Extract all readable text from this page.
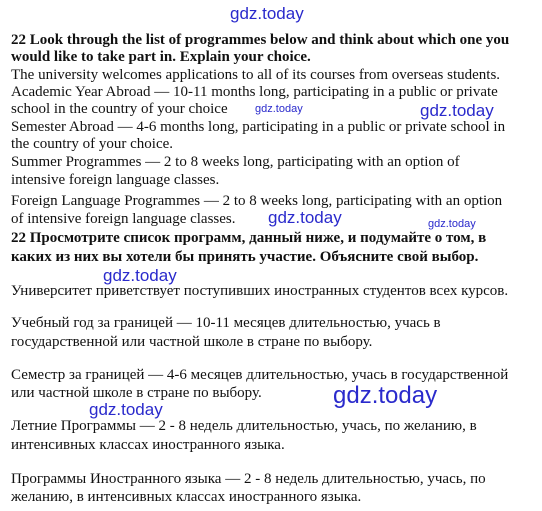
gdz.today
gdz.today	gdz.today
gdz.today	gdz.today
gdz.today
gdz.today
gdz.today
22 Look through the list of programmes below and think about which one you
would like to take part in. Explain your choice.
The university welcomes applications to all of its courses from overseas students.
Academic Year Abroad — 10-11 months long, participating in a public or private
school in the country of your choice
Semester Abroad — 4-6 months long, participating in a public or private school in
the country of your choice.
Summer Programmes — 2 to 8 weeks long, participating with an option of
intensive foreign language classes.
Foreign Language Programmes — 2 to 8 weeks long, participating with an option
of intensive foreign language classes.
22 Просмотрите список программ, данный ниже, и подумайте о том, в
каких из них вы хотели бы принять участие. Объясните свой выбор.
Университет приветствует поступивших иностранных студентов всех курсов.
Учебный год за границей — 10-11 месяцев длительностью, учась в
государственной или частной школе в стране по выбору.
Семестр за границей — 4-6 месяцев длительностью, учась в государственной
или частной школе в стране по выбору.
Летние Программы — 2 - 8 недель длительностью, учась, по желанию, в
интенсивных классах иностранного языка.
Программы Иностранного языка — 2 - 8 недель длительностью, учась, по
желанию, в интенсивных классах иностранного языка.
